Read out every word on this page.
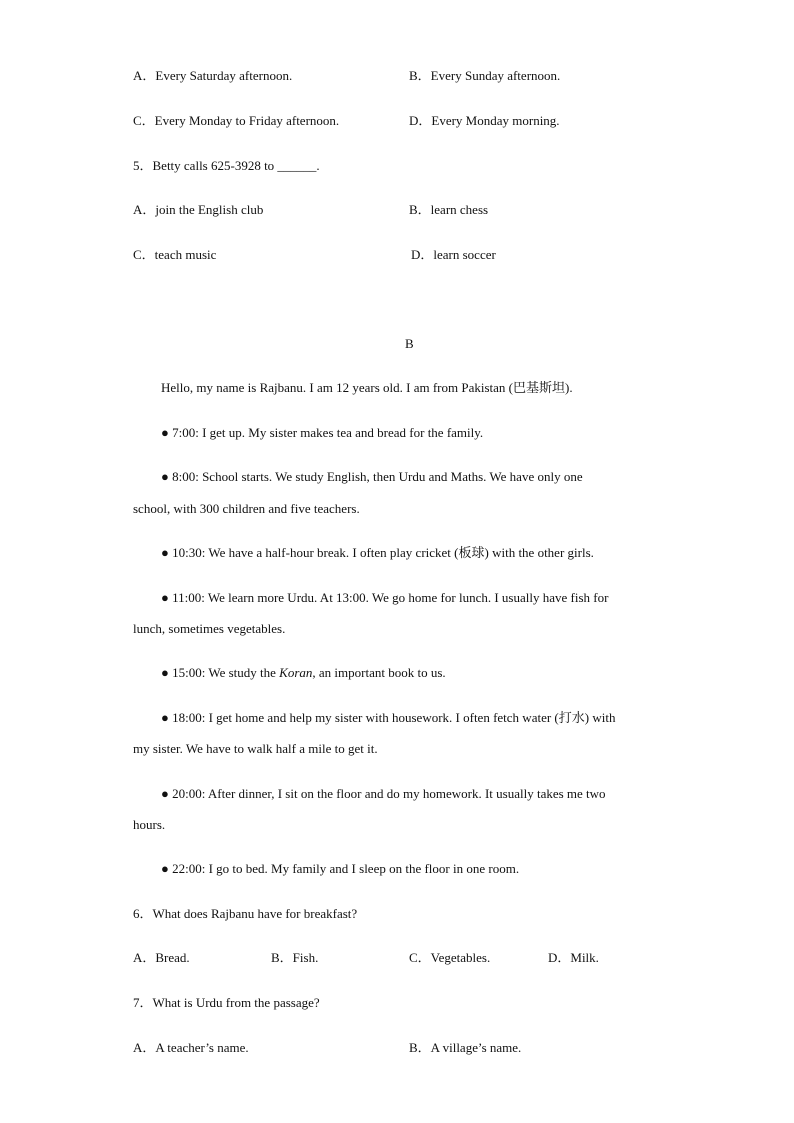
A．Every Saturday afternoon.	B．Every Sunday afternoon.
C．Every Monday to Friday afternoon.	D．Every Monday morning.
5．Betty calls 625-3928 to ______.
A．join the English club	B．learn chess
C．teach music	D．learn soccer
B
Hello, my name is Rajbanu. I am 12 years old. I am from Pakistan (巴基斯坦).
● 7:00: I get up. My sister makes tea and bread for the family.
● 8:00: School starts. We study English, then Urdu and Maths. We have only one
school, with 300 children and five teachers.
● 10:30: We have a half-hour break. I often play cricket (板球) with the other girls.
● 11:00: We learn more Urdu. At 13:00. We go home for lunch. I usually have fish for
lunch, sometimes vegetables.
● 15:00: We study the Koran, an important book to us.
● 18:00: I get home and help my sister with housework. I often fetch water (打水) with
my sister. We have to walk half a mile to get it.
● 20:00: After dinner, I sit on the floor and do my homework. It usually takes me two
hours.
● 22:00: I go to bed. My family and I sleep on the floor in one room.
6．What does Rajbanu have for breakfast?
A．Bread.	B．Fish.	C．Vegetables.	D．Milk.
7．What is Urdu from the passage?
A．A teacher’s name.	B．A village’s name.
